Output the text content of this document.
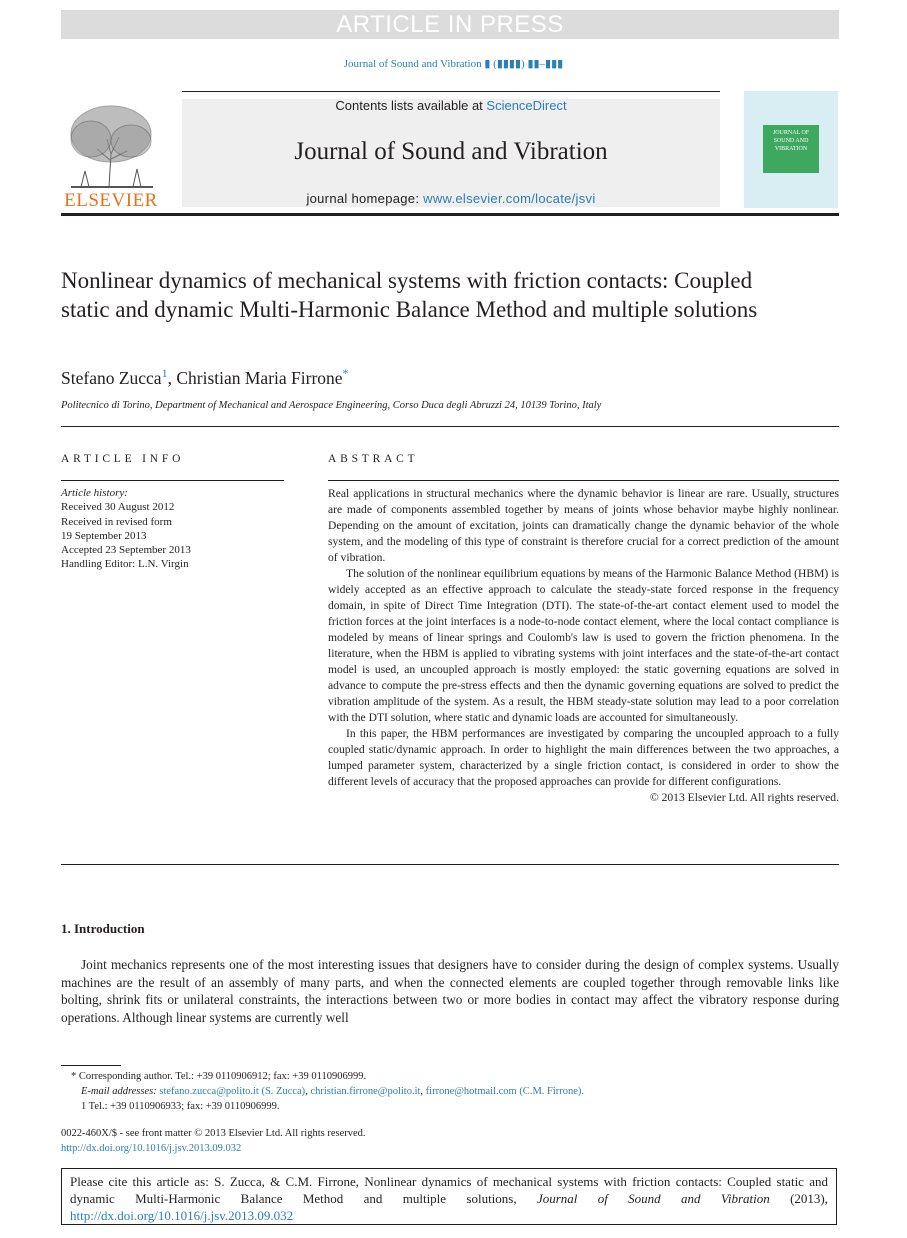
ARTICLE IN PRESS
Journal of Sound and Vibration ▮ (▮▮▮▮) ▮▮–▮▮▮
ELSEVIER
Contents lists available at ScienceDirect
Journal of Sound and Vibration
journal homepage: www.elsevier.com/locate/jsvi
JOURNAL OF SOUND AND VIBRATION
Nonlinear dynamics of mechanical systems with friction contacts: Coupled static and dynamic Multi-Harmonic Balance Method and multiple solutions
Stefano Zucca$^1$, Christian Maria Firrone*
Politecnico di Torino, Department of Mechanical and Aerospace Engineering, Corso Duca degli Abruzzi 24, 10139 Torino, Italy
ARTICLE INFO	ABSTRACT
Article history:
Received 30 August 2012
Received in revised form
19 September 2013
Accepted 23 September 2013
Handling Editor: L.N. Virgin

Real applications in structural mechanics where the dynamic behavior is linear are rare. Usually, structures are made of components assembled together by means of joints whose behavior maybe highly nonlinear. Depending on the amount of excitation, joints can dramatically change the dynamic behavior of the whole system, and the modeling of this type of constraint is therefore crucial for a correct prediction of the amount of vibration.

The solution of the nonlinear equilibrium equations by means of the Harmonic Balance Method (HBM) is widely accepted as an effective approach to calculate the steady-state forced response in the frequency domain, in spite of Direct Time Integration (DTI). The state-of-the-art contact element used to model the friction forces at the joint interfaces is a node-to-node contact element, where the local contact compliance is modeled by means of linear springs and Coulomb's law is used to govern the friction phenomena. In the literature, when the HBM is applied to vibrating systems with joint interfaces and the state-of-the-art contact model is used, an uncoupled approach is mostly employed: the static governing equations are solved in advance to compute the pre-stress effects and then the dynamic governing equations are solved to predict the vibration amplitude of the system. As a result, the HBM steady-state solution may lead to a poor correlation with the DTI solution, where static and dynamic loads are accounted for simultaneously.

In this paper, the HBM performances are investigated by comparing the uncoupled approach to a fully coupled static/dynamic approach. In order to highlight the main differences between the two approaches, a lumped parameter system, characterized by a single friction contact, is considered in order to show the different levels of accuracy that the proposed approaches can provide for different configurations.

© 2013 Elsevier Ltd. All rights reserved.
1. Introduction

Joint mechanics represents one of the most interesting issues that designers have to consider during the design of complex systems. Usually machines are the result of an assembly of many parts, and when the connected elements are coupled together through removable links like bolting, shrink fits or unilateral constraints, the interactions between two or more bodies in contact may affect the vibratory response during operations. Although linear systems are currently well

* Corresponding author. Tel.: +39 0110906912; fax: +39 0110906999.
E-mail addresses: stefano.zucca@polito.it (S. Zucca), christian.firrone@polito.it, firrone@hotmail.com (C.M. Firrone).
1 Tel.: +39 0110906933; fax: +39 0110906999.
0022-460X/$ - see front matter © 2013 Elsevier Ltd. All rights reserved.
http://dx.doi.org/10.1016/j.jsv.2013.09.032
Please cite this article as: S. Zucca, & C.M. Firrone, Nonlinear dynamics of mechanical systems with friction contacts: Coupled static and dynamic Multi-Harmonic Balance Method and multiple solutions, Journal of Sound and Vibration (2013), http://dx.doi.org/10.1016/j.jsv.2013.09.032
